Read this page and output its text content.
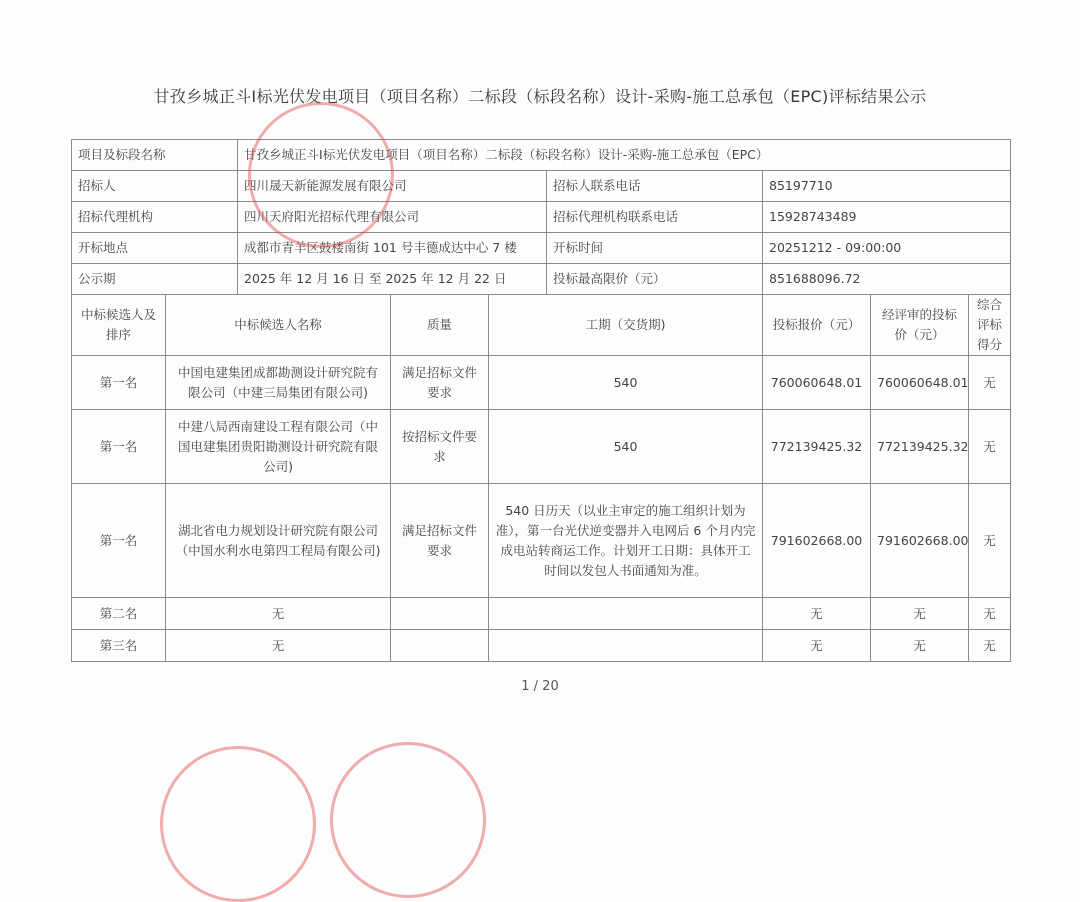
甘孜乡城正斗Ⅰ标光伏发电项目（项目名称）二标段（标段名称）设计-采购-施工总承包（EPC)评标结果公示
项目及标段名称		甘孜乡城正斗Ⅰ标光伏发电项目（项目名称）二标段（标段名称）设计-采购-施工总承包（EPC）						
招标人		四川晟天新能源发展有限公司			招标人联系电话	85197710		
招标代理机构		四川天府阳光招标代理有限公司			招标代理机构联系电话	15928743489		
开标地点		成都市青羊区鼓楼南街 101 号丰德成达中心 7 楼			开标时间	20251212 - 09:00:00		
公示期		2025 年 12 月 16 日 至 2025 年 12 月 22 日			投标最高限价（元）	851688096.72		
中标候选人及排序	中标候选人名称		质量	工期（交货期)		投标报价（元）	经评审的投标价（元）	综合评标得分
第一名	中国电建集团成都勘测设计研究院有限公司（中建三局集团有限公司)		满足招标文件要求	540		760060648.01	760060648.01	无
第一名	中建八局西南建设工程有限公司（中国电建集团贵阳勘测设计研究院有限公司)		按招标文件要求	540		772139425.32	772139425.32	无
第一名	湖北省电力规划设计研究院有限公司（中国水利水电第四工程局有限公司)		满足招标文件要求	540 日历天（以业主审定的施工组织计划为准），第一台光伏逆变器并入电网后 6 个月内完成电站转商运工作。计划开工日期：具体开工时间以发包人书面通知为准。		791602668.00	791602668.00	无
第二名	无					无	无	无
第三名	无					无	无	无
1 / 20
